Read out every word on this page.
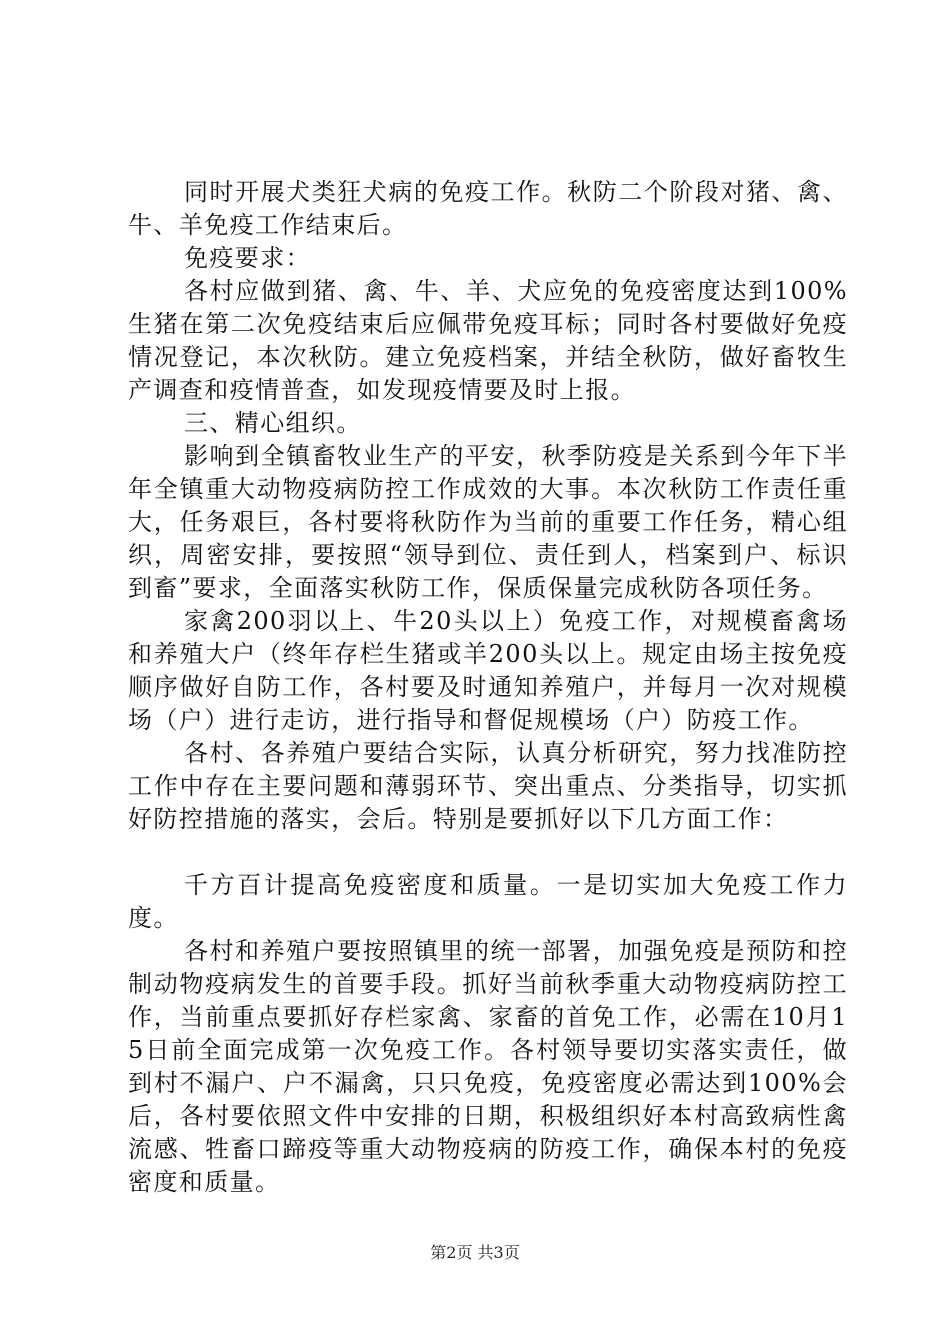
同时开展犬类狂犬病的免疫工作。秋防二个阶段对猪、禽、牛、羊免疫工作结束后。

免疫要求：

各村应做到猪、禽、牛、羊、犬应免的免疫密度达到100%生猪在第二次免疫结束后应佩带免疫耳标；同时各村要做好免疫情况登记，本次秋防。建立免疫档案，并结全秋防，做好畜牧生产调查和疫情普查，如发现疫情要及时上报。

三、精心组织。

影响到全镇畜牧业生产的平安，秋季防疫是关系到今年下半年全镇重大动物疫病防控工作成效的大事。本次秋防工作责任重大，任务艰巨，各村要将秋防作为当前的重要工作任务，精心组织，周密安排，要按照“领导到位、责任到人，档案到户、标识到畜”要求，全面落实秋防工作，保质保量完成秋防各项任务。

家禽200羽以上、牛20头以上）免疫工作，对规模畜禽场和养殖大户（终年存栏生猪或羊200头以上。规定由场主按免疫顺序做好自防工作，各村要及时通知养殖户，并每月一次对规模场（户）进行走访，进行指导和督促规模场（户）防疫工作。

各村、各养殖户要结合实际，认真分析研究，努力找准防控工作中存在主要问题和薄弱环节、突出重点、分类指导，切实抓好防控措施的落实，会后。特别是要抓好以下几方面工作：

千方百计提高免疫密度和质量。一是切实加大免疫工作力度。

各村和养殖户要按照镇里的统一部署，加强免疫是预防和控制动物疫病发生的首要手段。抓好当前秋季重大动物疫病防控工作，当前重点要抓好存栏家禽、家畜的首免工作，必需在10月15日前全面完成第一次免疫工作。各村领导要切实落实责任，做到村不漏户、户不漏禽，只只免疫，免疫密度必需达到100%会后，各村要依照文件中安排的日期，积极组织好本村高致病性禽流感、牲畜口蹄疫等重大动物疫病的防疫工作，确保本村的免疫密度和质量。

第2页 共3页
